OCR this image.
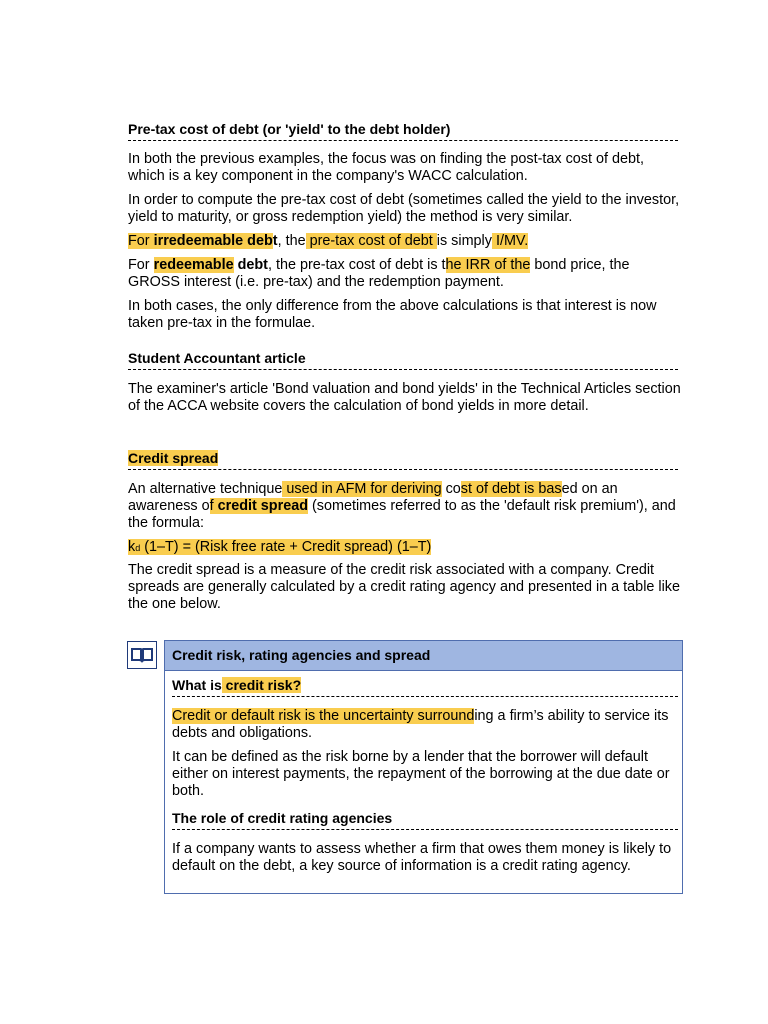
Pre-tax cost of debt (or 'yield' to the debt holder)

In both the previous examples, the focus was on finding the post-tax cost of debt, which is a key component in the company's WACC calculation.

In order to compute the pre-tax cost of debt (sometimes called the yield to the investor, yield to maturity, or gross redemption yield) the method is very similar.

For irredeemable debt, the pre-tax cost of debt is simply I/MV.

For redeemable debt, the pre-tax cost of debt is the IRR of the bond price, the GROSS interest (i.e. pre-tax) and the redemption payment.

In both cases, the only difference from the above calculations is that interest is now taken pre-tax in the formulae.

Student Accountant article

The examiner's article 'Bond valuation and bond yields' in the Technical Articles section of the ACCA website covers the calculation of bond yields in more detail.

Credit spread

An alternative technique used in AFM for deriving cost of debt is based on an awareness of credit spread (sometimes referred to as the 'default risk premium'), and the formula:

kd (1–T) = (Risk free rate + Credit spread) (1–T)

The credit spread is a measure of the credit risk associated with a company. Credit spreads are generally calculated by a credit rating agency and presented in a table like the one below.

Credit risk, rating agencies and spread
What is credit risk?

Credit or default risk is the uncertainty surrounding a firm’s ability to service its debts and obligations.

It can be defined as the risk borne by a lender that the borrower will default either on interest payments, the repayment of the borrowing at the due date or both.

The role of credit rating agencies

If a company wants to assess whether a firm that owes them money is likely to default on the debt, a key source of information is a credit rating agency.
